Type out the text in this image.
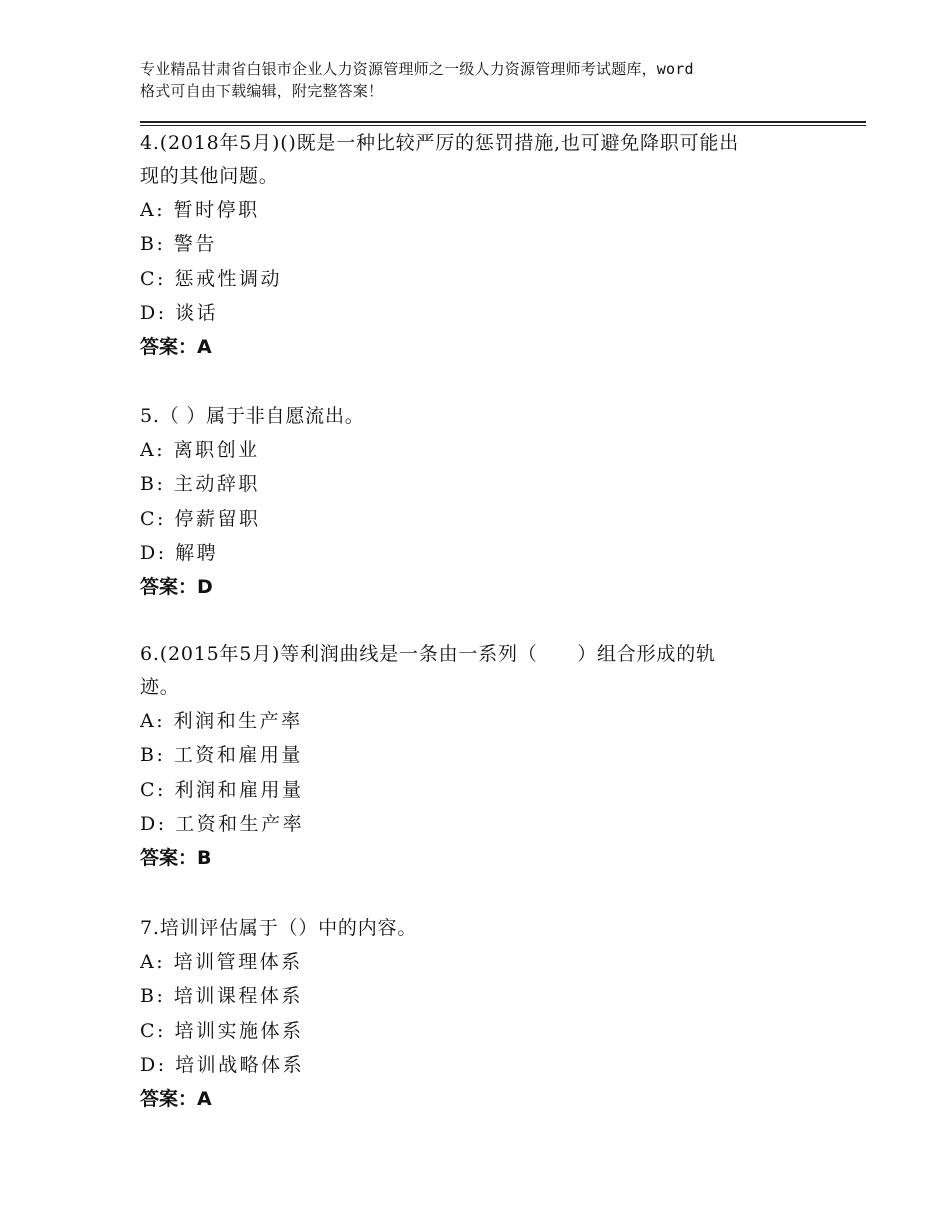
专业精品甘肃省白银市企业人力资源管理师之一级人力资源管理师考试题库，word
格式可自由下载编辑，附完整答案！
4.(2018年5月)()既是一种比较严厉的惩罚措施,也可避免降职可能出
现的其他问题。
A: 暂时停职
B: 警告
C: 惩戒性调动
D: 谈话
答案：A
5.（ ）属于非自愿流出。
A: 离职创业
B: 主动辞职
C: 停薪留职
D: 解聘
答案：D
6.(2015年5月)等利润曲线是一条由一系列（　　）组合形成的轨
迹。
A: 利润和生产率
B: 工资和雇用量
C: 利润和雇用量
D: 工资和生产率
答案：B
7.培训评估属于（）中的内容。
A: 培训管理体系
B: 培训课程体系
C: 培训实施体系
D: 培训战略体系
答案：A
